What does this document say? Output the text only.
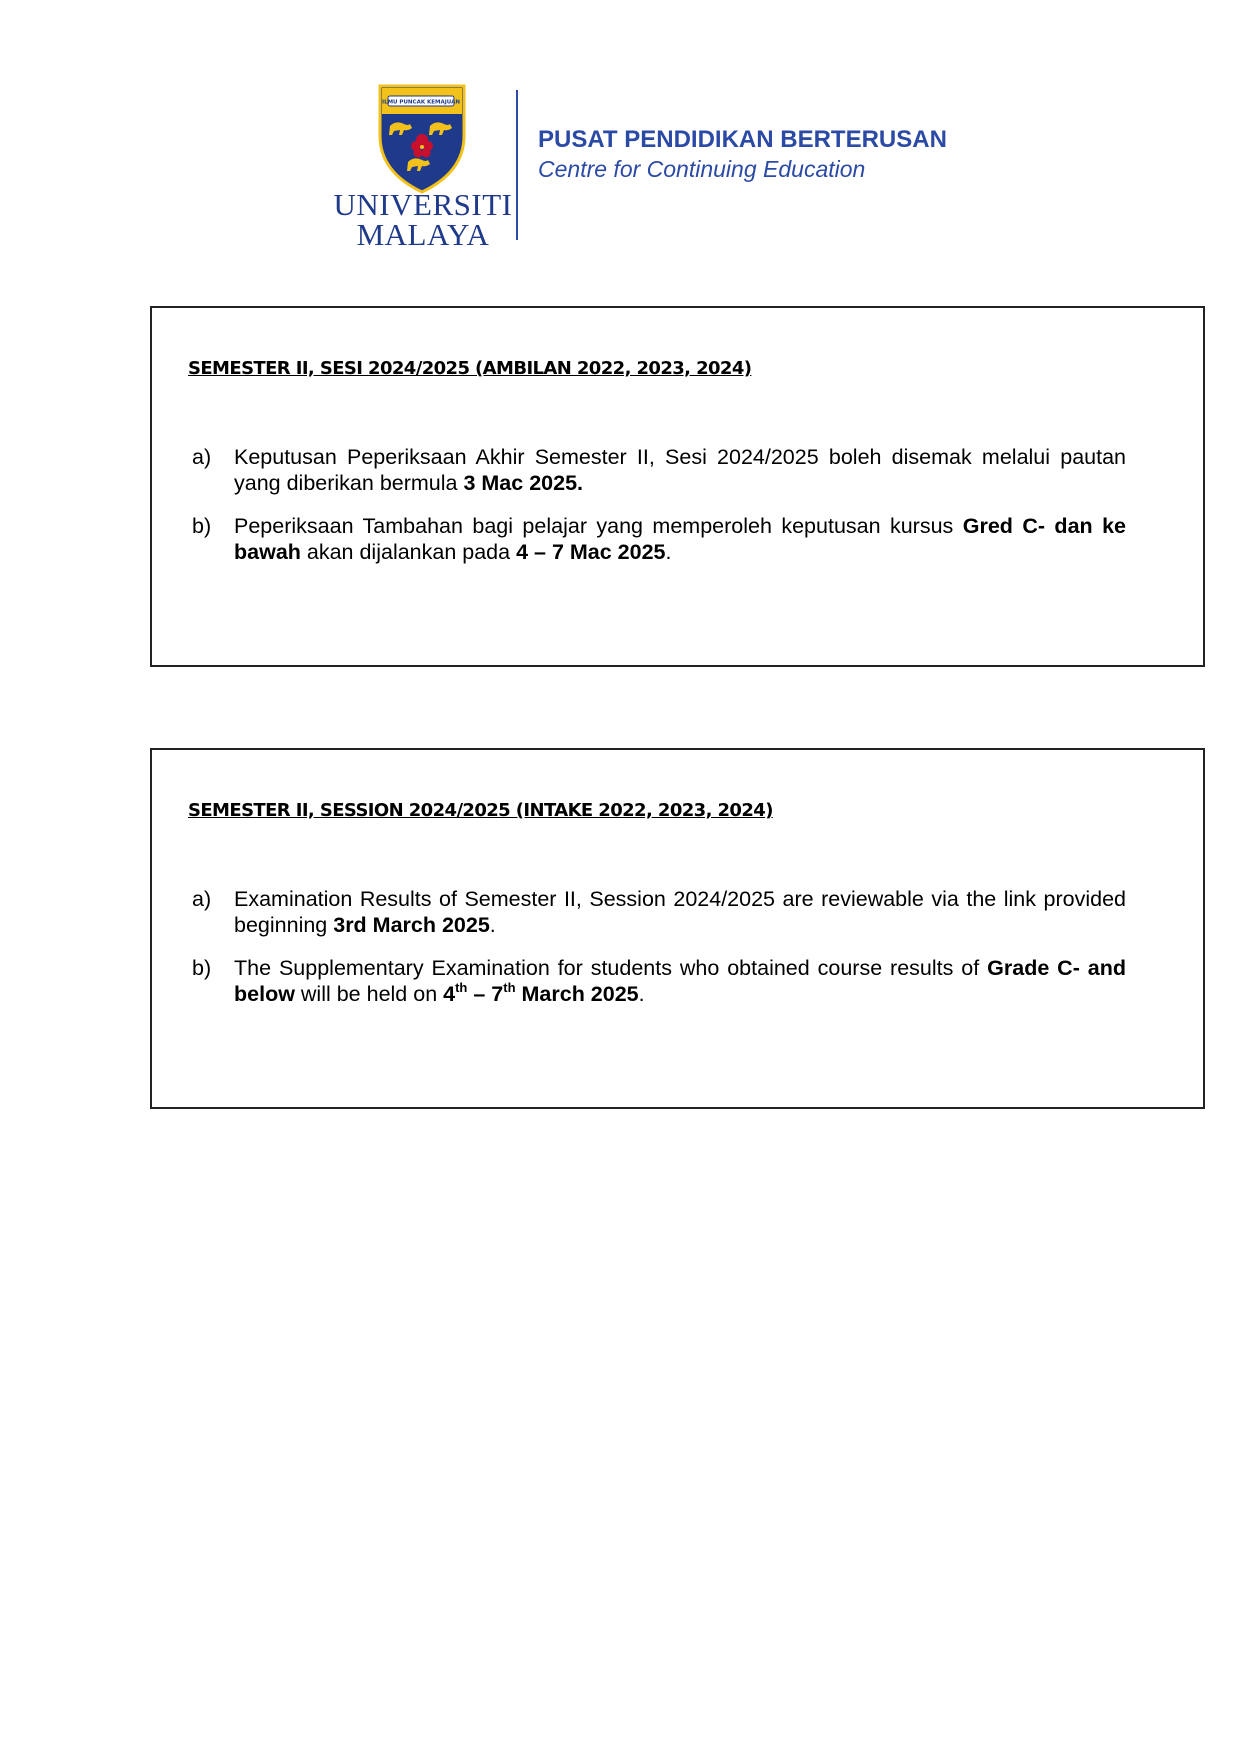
ILMU PUNCAK KEMAJUAN
UNIVERSITI
MALAYA
PUSAT PENDIDIKAN BERTERUSAN
Centre for Continuing Education
SEMESTER II, SESI 2024/2025 (AMBILAN 2022, 2023, 2024)
a) Keputusan Peperiksaan Akhir Semester II, Sesi 2024/2025 boleh disemak melalui pautan yang diberikan bermula 3 Mac 2025.
b) Peperiksaan Tambahan bagi pelajar yang memperoleh keputusan kursus Gred C- dan ke bawah akan dijalankan pada 4 – 7 Mac 2025.
SEMESTER II, SESSION 2024/2025 (INTAKE 2022, 2023, 2024)
a) Examination Results of Semester II, Session 2024/2025 are reviewable via the link provided beginning 3rd March 2025.
b) The Supplementary Examination for students who obtained course results of Grade C- and below will be held on 4th – 7th March 2025.
